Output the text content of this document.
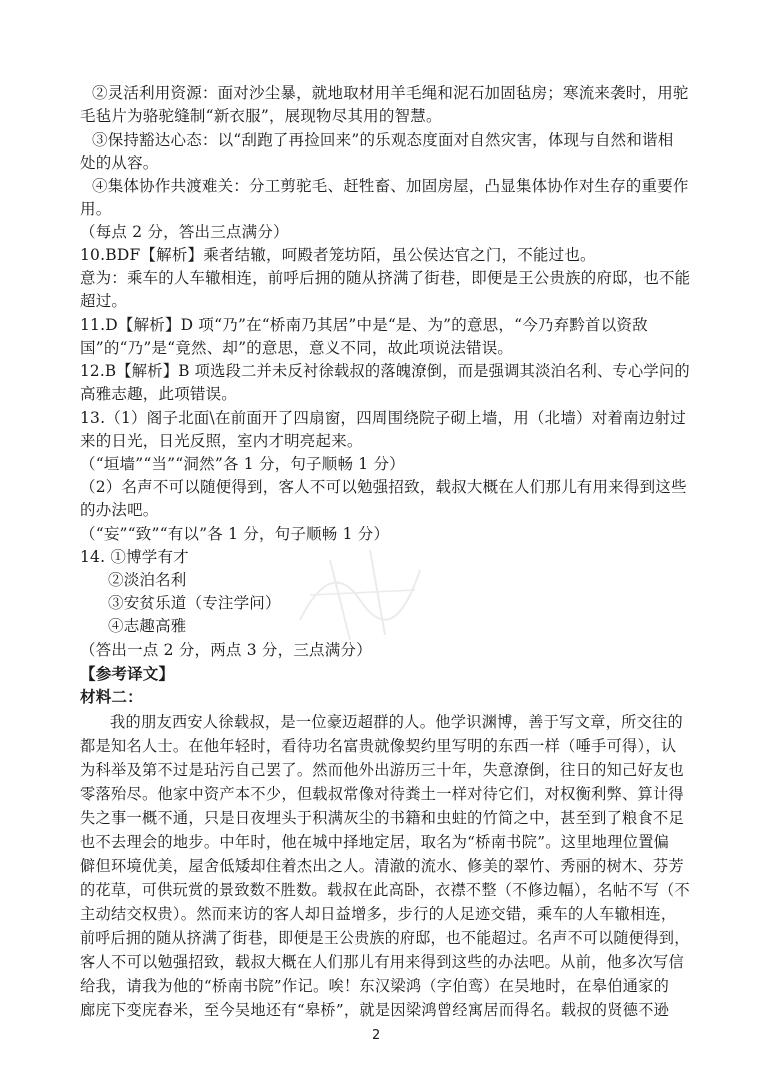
②灵活利用资源：面对沙尘暴，就地取材用羊毛绳和泥石加固毡房；寒流来袭时，用驼
毛毡片为骆驼缝制“新衣服”，展现物尽其用的智慧。
③保持豁达心态：以“刮跑了再捡回来”的乐观态度面对自然灾害，体现与自然和谐相
处的从容。
④集体协作共渡难关：分工剪驼毛、赶牲畜、加固房屋，凸显集体协作对生存的重要作
用。
（每点 2 分，答出三点满分）
10.BDF【解析】乘者结辙，呵殿者笼坊陌，虽公侯达官之门，不能过也。
意为：乘车的人车辙相连，前呼后拥的随从挤满了街巷，即便是王公贵族的府邸，也不能
超过。
11.D【解析】D 项“乃”在“桥南乃其居”中是“是、为”的意思，“今乃弃黔首以资敌
国”的“乃”是“竟然、却”的意思，意义不同，故此项说法错误。
12.B【解析】B 项选段二并未反衬徐载叔的落魄潦倒，而是强调其淡泊名利、专心学问的
高雅志趣，此项错误。
13.（1）阁子北面\在前面开了四扇窗，四周围绕院子砌上墙，用（北墙）对着南边射过
来的日光，日光反照，室内才明亮起来。
（“垣墙”“当”“洞然”各 1 分，句子顺畅 1 分）
（2）名声不可以随便得到，客人不可以勉强招致，载叔大概在人们那儿有用来得到这些
的办法吧。
（“妄”“致”“有以”各 1 分，句子顺畅 1 分）
14. ①博学有才
②淡泊名利
③安贫乐道（专注学问）
④志趣高雅
（答出一点 2 分，两点 3 分，三点满分）
【参考译文】
材料二：
我的朋友西安人徐载叔，是一位豪迈超群的人。他学识渊博，善于写文章，所交往的
都是知名人士。在他年轻时，看待功名富贵就像契约里写明的东西一样（唾手可得），认
为科举及第不过是玷污自己罢了。然而他外出游历三十年，失意潦倒，往日的知己好友也
零落殆尽。他家中资产本不少，但载叔常像对待粪土一样对待它们，对权衡利弊、算计得
失之事一概不通，只是日夜埋头于积满灰尘的书籍和虫蛀的竹简之中，甚至到了粮食不足
也不去理会的地步。中年时，他在城中择地定居，取名为“桥南书院”。这里地理位置偏
僻但环境优美，屋舍低矮却住着杰出之人。清澈的流水、修美的翠竹、秀丽的树木、芬芳
的花草，可供玩赏的景致数不胜数。载叔在此高卧，衣襟不整（不修边幅），名帖不写（不
主动结交权贵）。然而来访的客人却日益增多，步行的人足迹交错，乘车的人车辙相连，
前呼后拥的随从挤满了街巷，即便是王公贵族的府邸，也不能超过。名声不可以随便得到，
客人不可以勉强招致，载叔大概在人们那儿有用来得到这些的办法吧。从前，他多次写信
给我，请我为他的“桥南书院”作记。唉！东汉梁鸿（字伯鸾）在吴地时，在皋伯通家的
廊庑下变庑舂米，至今吴地还有“皋桥”，就是因梁鸿曾经寓居而得名。载叔的贤德不逊
2
